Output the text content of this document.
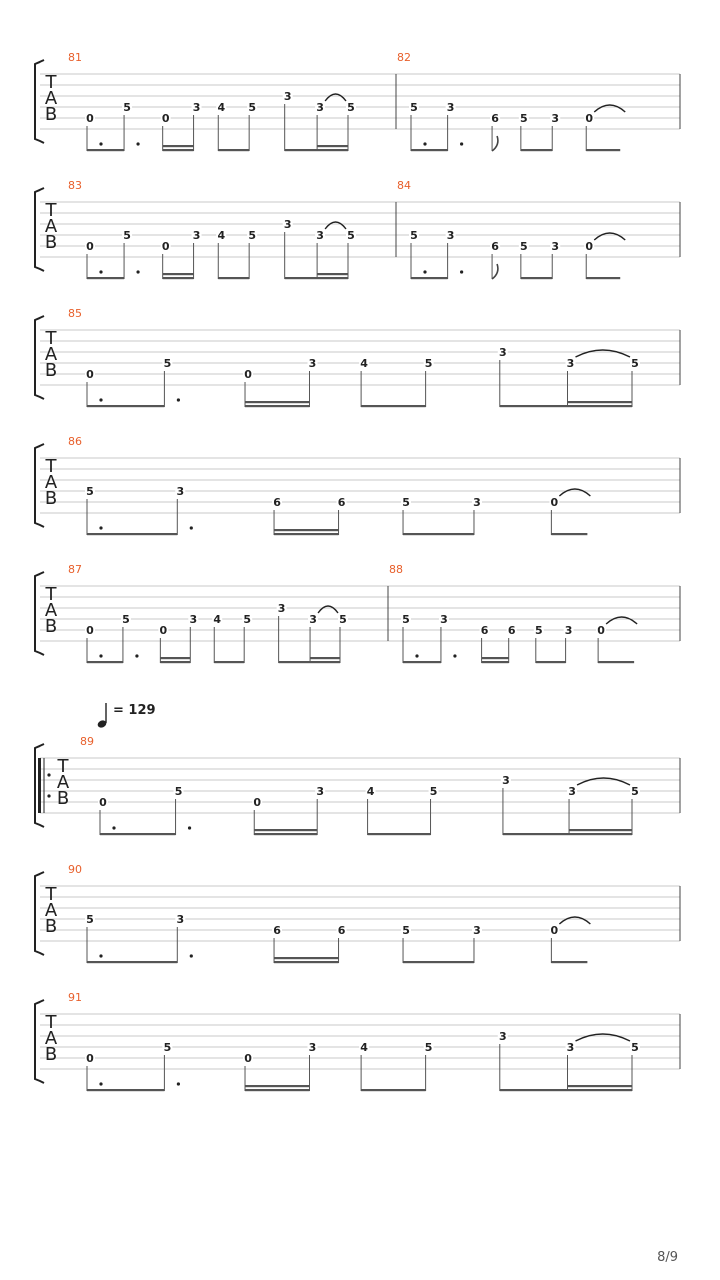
T
A
B
81
0
5
0
3 4 5
3
3 5
82
5	3
6 5 3 0
T
A
B
83
0
5
0
3 4 5
3
3 5
84
5	3
6 5 3 0
T
A
B
85
0
5
0
3	4	5
3
3	5
T
A
B
86
5	3
6	6	5	3	0
T
A
B
87
0
5
0
3 4 5
3
3 5
88
5	3
6 6 5 3 0
T
A
B
89
0
5
0
3	4	5
3
3	5
= 129
T
A
B
90
5	3
6	6	5	3	0
T
A
B
91
0
5
0
3	4	5
3
3	5
8/9
